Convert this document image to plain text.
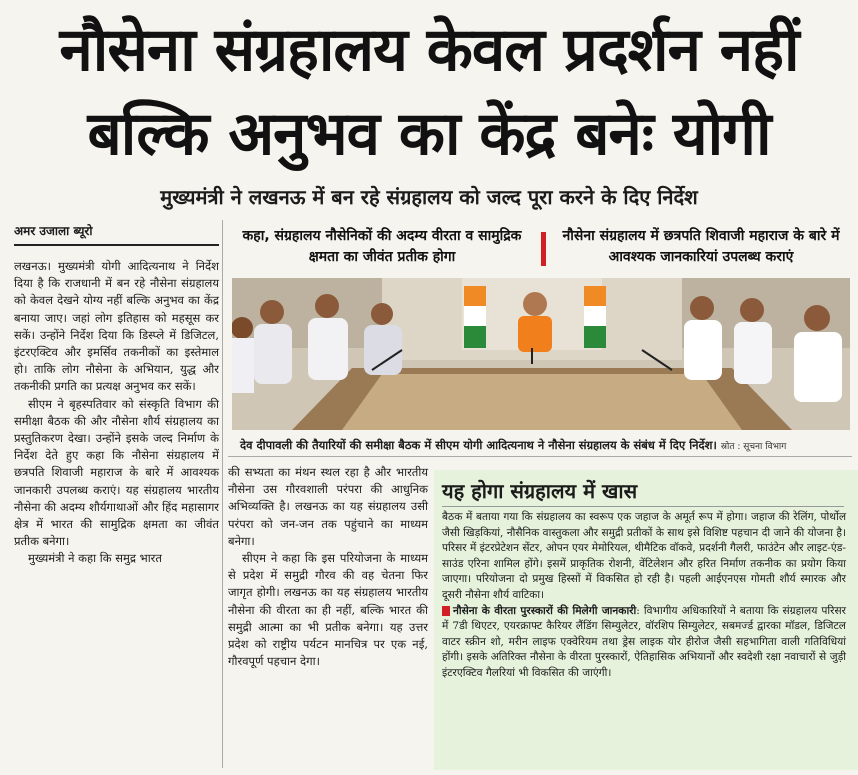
नौसेना संग्रहालय केवल प्रदर्शन नहीं
बल्कि अनुभव का केंद्र बनेः योगी
मुख्यमंत्री ने लखनऊ में बन रहे संग्रहालय को जल्द पूरा करने के दिए निर्देश
अमर उजाला ब्यूरो

लखनऊ। मुख्यमंत्री योगी आदित्यनाथ ने निर्देश दिया है कि राजधानी में बन रहे नौसेना संग्रहालय को केवल देखने योग्य नहीं बल्कि अनुभव का केंद्र बनाया जाए। जहां लोग इतिहास को महसूस कर सकें। उन्होंने निर्देश दिया कि डिस्प्ले में डिजिटल, इंटरएक्टिव और इमर्सिव तकनीकों का इस्तेमाल हो। ताकि लोग नौसेना के अभियान, युद्ध और तकनीकी प्रगति का प्रत्यक्ष अनुभव कर सकें।

सीएम ने बृहस्पतिवार को संस्कृति विभाग की समीक्षा बैठक की और नौसेना शौर्य संग्रहालय का प्रस्तुतिकरण देखा। उन्होंने इसके जल्द निर्माण के निर्देश देते हुए कहा कि नौसेना संग्रहालय में छत्रपति शिवाजी महाराज के बारे में आवश्यक जानकारी उपलब्ध कराएं। यह संग्रहालय भारतीय नौसेना की अदम्य शौर्यगाथाओं और हिंद महासागर क्षेत्र में भारत की सामुद्रिक क्षमता का जीवंत प्रतीक बनेगा।

मुख्यमंत्री ने कहा कि समुद्र भारत

कहा, संग्रहालय नौसेनिकों की अदम्य वीरता व सामुद्रिक क्षमता का जीवंत प्रतीक होगा
नौसेना संग्रहालय में छत्रपति शिवाजी महाराज के बारे में आवश्यक जानकारियां उपलब्ध कराएं
देव दीपावली की तैयारियों की समीक्षा बैठक में सीएम योगी आदित्यनाथ ने नौसेना संग्रहालय के संबंध में दिए निर्देश। स्रोत : सूचना विभाग

की सभ्यता का मंथन स्थल रहा है और भारतीय नौसेना उस गौरवशाली परंपरा की आधुनिक अभिव्यक्ति है। लखनऊ का यह संग्रहालय उसी परंपरा को जन-जन तक पहुंचाने का माध्यम बनेगा।

सीएम ने कहा कि इस परियोजना के माध्यम से प्रदेश में समुद्री गौरव की वह चेतना फिर जागृत होगी। लखनऊ का यह संग्रहालय भारतीय नौसेना की वीरता का ही नहीं, बल्कि भारत की समुद्री आत्मा का भी प्रतीक बनेगा। यह उत्तर प्रदेश को राष्ट्रीय पर्यटन मानचित्र पर एक नई, गौरवपूर्ण पहचान देगा।

यह होगा संग्रहालय में खास

बैठक में बताया गया कि संग्रहालय का स्वरूप एक जहाज के अमूर्त रूप में होगा। जहाज की रेलिंग, पोर्थोल जैसी खिड़कियां, नौसैनिक वास्तुकला और समुद्री प्रतीकों के साथ इसे विशिष्ट पहचान दी जाने की योजना है। परिसर में इंटरप्रेटेशन सेंटर, ओपन एयर मेमोरियल, थीमैटिक वॉकवे, प्रदर्शनी गैलरी, फाउंटेन और लाइट-एंड-साउंड एरिना शामिल होंगे। इसमें प्राकृतिक रोशनी, वेंटिलेशन और हरित निर्माण तकनीक का प्रयोग किया जाएगा। परियोजना दो प्रमुख हिस्सों में विकसित हो रही है। पहली आईएनएस गोमती शौर्य स्मारक और दूसरी नौसेना शौर्य वाटिका।

नौसेना के वीरता पुरस्कारों की मिलेगी जानकारी: विभागीय अधिकारियों ने बताया कि संग्रहालय परिसर में 7डी थिएटर, एयरक्राफ्ट कैरियर लैंडिंग सिम्युलेटर, वॉरशिप सिम्युलेटर, सबमर्ज्ड द्वारका मॉडल, डिजिटल वाटर स्क्रीन शो, मरीन लाइफ एक्वेरियम तथा ड्रेस लाइक योर हीरोज जैसी सहभागिता वाली गतिविधियां होंगी। इसके अतिरिक्त नौसेना के वीरता पुरस्कारों, ऐतिहासिक अभियानों और स्वदेशी रक्षा नवाचारों से जुड़ी इंटरएक्टिव गैलरियां भी विकसित की जाएंगी।
